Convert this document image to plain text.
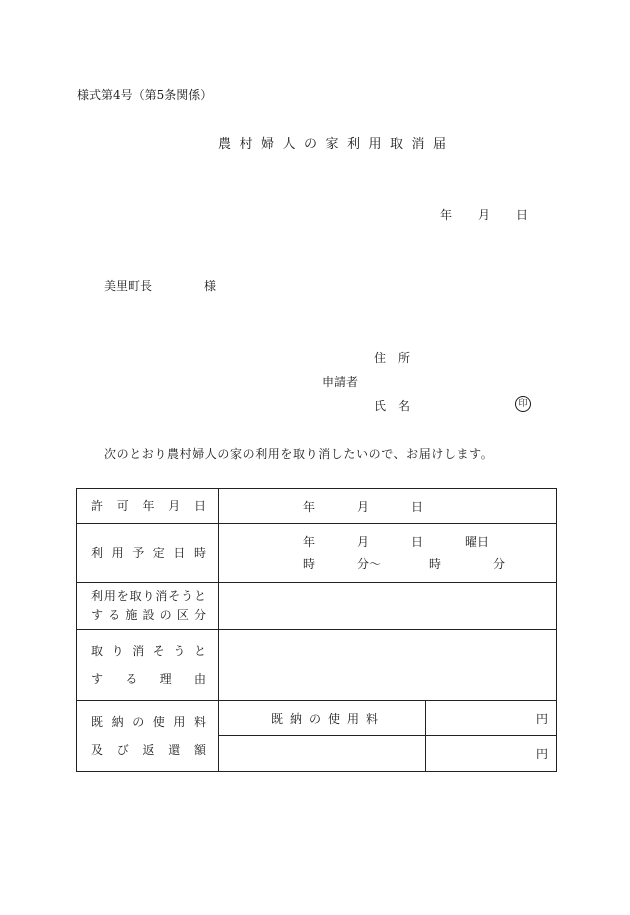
様式第4号（第5条関係）
農村婦人の家利用取消届
年 月 日
美里町長	様
住所
申請者
氏名	印
次のとおり農村婦人の家の利用を取り消したいので、お届けします。
許可年月日	年 月 日	

利用予定日時	年 月 日 曜日
時 分〜 時 分	

利用を取り消そうと
する施設の区分		

取り消そうと
する理由		

既納の使用料
及び返還額	既納の使用料	円
		円
